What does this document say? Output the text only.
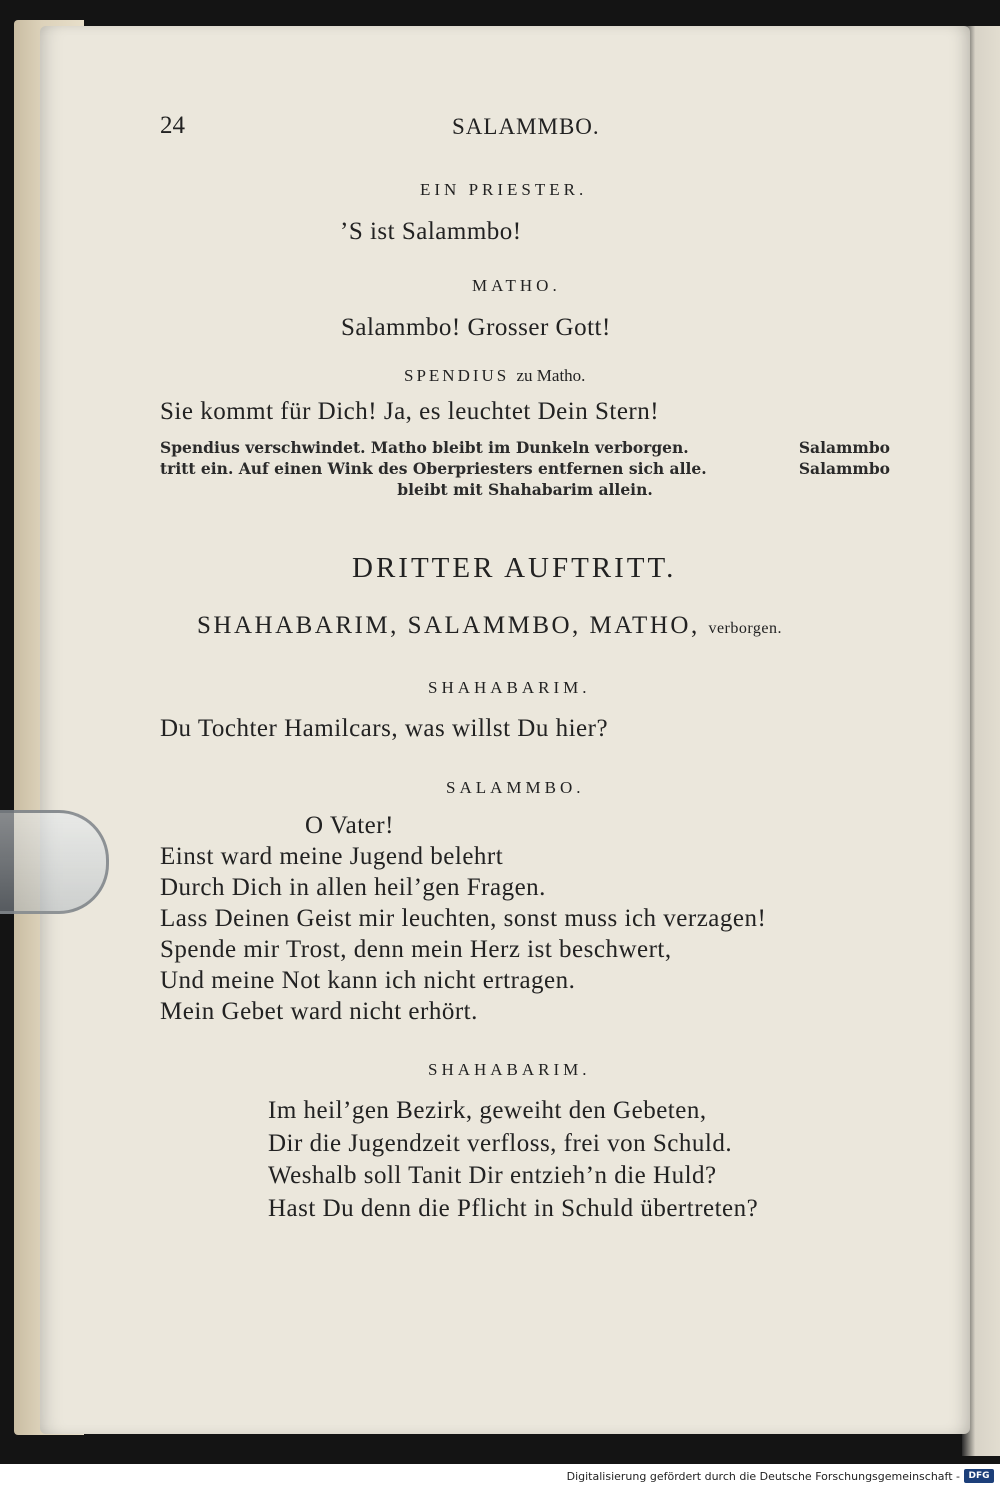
24	SALAMMBO.
EIN PRIESTER.
’S ist Salammbo!
MATHO.
Salammbo! Grosser Gott!
SPENDIUS zu Matho.
Sie kommt für Dich! Ja, es leuchtet Dein Stern!
Spendius verschwindet. Matho bleibt im Dunkeln verborgen.	Salammbo
tritt ein. Auf einen Wink des Oberpriesters entfernen sich alle.	Salammbo
bleibt mit Shahabarim allein.
DRITTER AUFTRITT.
SHAHABARIM, SALAMMBO, MATHO, verborgen.
SHAHABARIM.
Du Tochter Hamilcars, was willst Du hier?
SALAMMBO.
O Vater!
Einst ward meine Jugend belehrt
Durch Dich in allen heil’gen Fragen.
Lass Deinen Geist mir leuchten, sonst muss ich verzagen!
Spende mir Trost, denn mein Herz ist beschwert,
Und meine Not kann ich nicht ertragen.
Mein Gebet ward nicht erhört.
SHAHABARIM.
Im heil’gen Bezirk, geweiht den Gebeten,
Dir die Jugendzeit verfloss, frei von Schuld.
Weshalb soll Tanit Dir entzieh’n die Huld?
Hast Du denn die Pflicht in Schuld übertreten?
Digitalisierung gefördert durch die Deutsche Forschungsgemeinschaft - DFG
